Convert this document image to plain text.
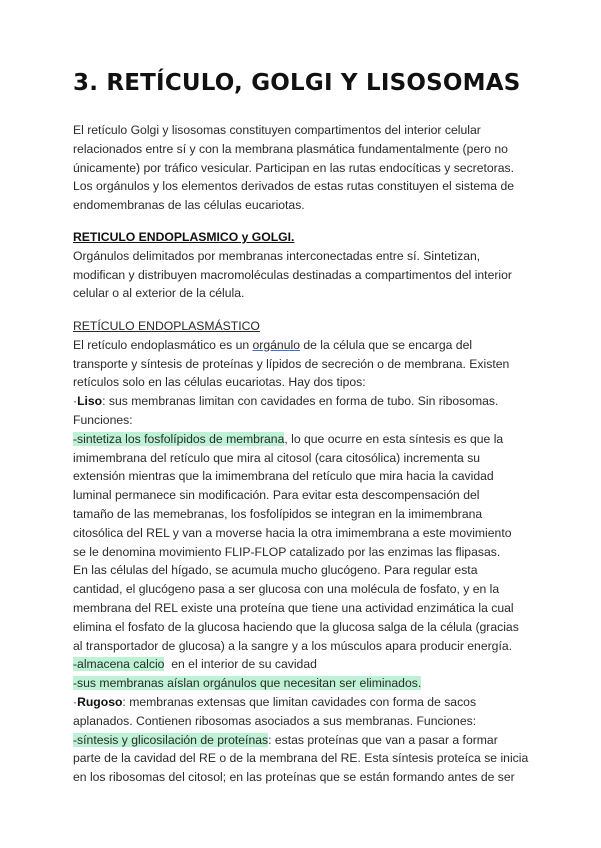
3. RETÍCULO, GOLGI Y LISOSOMAS
El retículo Golgi y lisosomas constituyen compartimentos del interior celular
relacionados entre sí y con la membrana plasmática fundamentalmente (pero no
únicamente) por tráfico vesicular. Participan en las rutas endocíticas y secretoras.
Los orgánulos y los elementos derivados de estas rutas constituyen el sistema de
endomembranas de las células eucariotas.
RETICULO ENDOPLASMICO y GOLGI.
Orgánulos delimitados por membranas interconectadas entre sí. Sintetizan,
modifican y distribuyen macromoléculas destinadas a compartimentos del interior
celular o al exterior de la célula.
RETÍCULO ENDOPLASMÁSTICO
El retículo endoplasmático es un orgánulo de la célula que se encarga del
transporte y síntesis de proteínas y lípidos de secreción o de membrana. Existen
retículos solo en las células eucariotas. Hay dos tipos:
·Liso: sus membranas limitan con cavidades en forma de tubo. Sin ribosomas.
Funciones:
-sintetiza los fosfolípidos de membrana, lo que ocurre en esta síntesis es que la
imimembrana del retículo que mira al citosol (cara citosólica) incrementa su
extensión mientras que la imimembrana del retículo que mira hacia la cavidad
luminal permanece sin modificación. Para evitar esta descompensación del
tamaño de las memebranas, los fosfolípidos se integran en la imimembrana
citosólica del REL y van a moverse hacia la otra imimembrana a este movimiento
se le denomina movimiento FLIP-FLOP catalizado por las enzimas las flipasas.
En las células del hígado, se acumula mucho glucógeno. Para regular esta
cantidad, el glucógeno pasa a ser glucosa con una molécula de fosfato, y en la
membrana del REL existe una proteína que tiene una actividad enzimática la cual
elimina el fosfato de la glucosa haciendo que la glucosa salga de la célula (gracias
al transportador de glucosa) a la sangre y a los músculos apara producir energía.
-almacena calcio  en el interior de su cavidad
-sus membranas aíslan orgánulos que necesitan ser eliminados.
·Rugoso: membranas extensas que limitan cavidades con forma de sacos
aplanados. Contienen ribosomas asociados a sus membranas. Funciones:
-síntesis y glicosilación de proteínas: estas proteínas que van a pasar a formar
parte de la cavidad del RE o de la membrana del RE. Esta síntesis proteíca se inicia
en los ribosomas del citosol; en las proteínas que se están formando antes de ser
